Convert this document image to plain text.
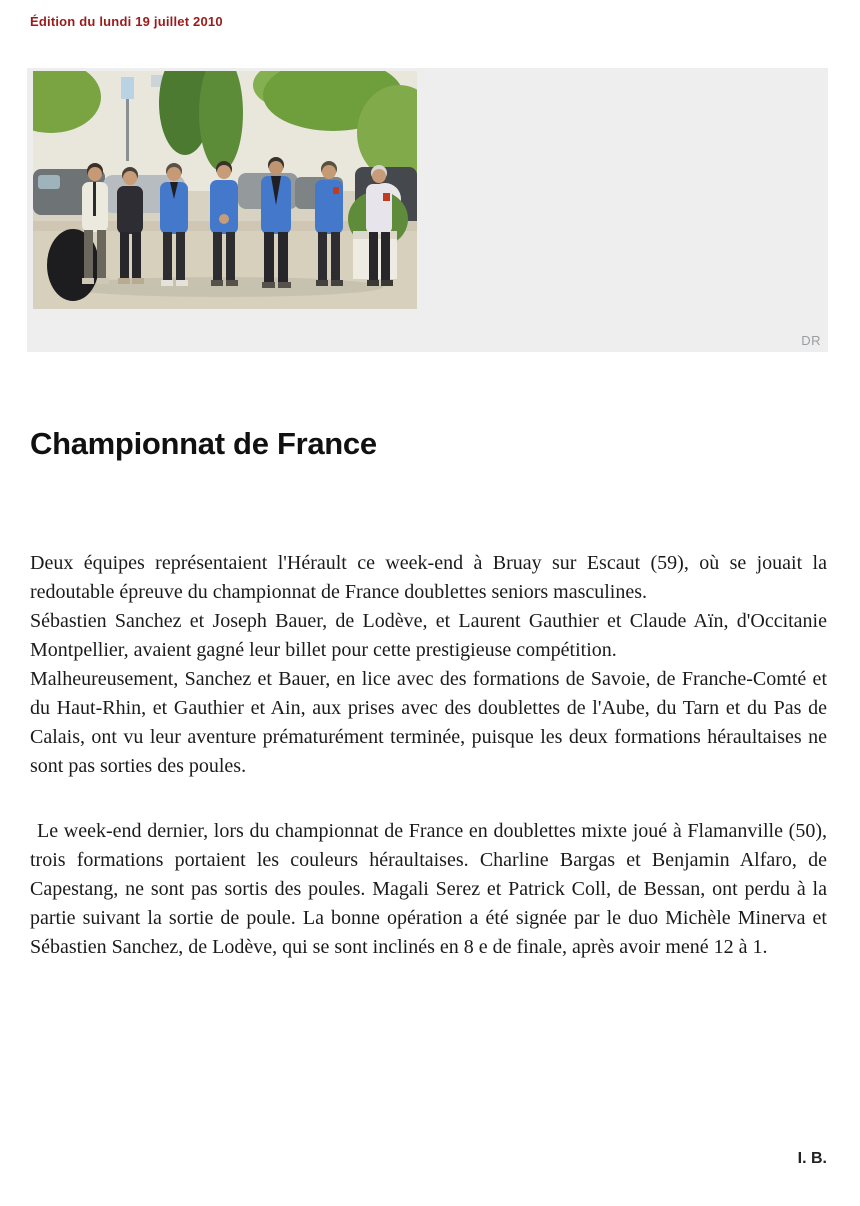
Édition du lundi 19 juillet 2010
DR
Championnat de France

Deux équipes représentaient l'Hérault ce week-end à Bruay sur Escaut (59), où se jouait la redoutable épreuve du championnat de France doublettes seniors masculines.

Sébastien Sanchez et Joseph Bauer, de Lodève, et Laurent Gauthier et Claude Aïn, d'Occitanie Montpellier, avaient gagné leur billet pour cette prestigieuse compétition.

Malheureusement, Sanchez et Bauer, en lice avec des formations de Savoie, de Franche-Comté et du Haut-Rhin, et Gauthier et Ain, aux prises avec des doublettes de l'Aube, du Tarn et du Pas de Calais, ont vu leur aventure prématurément terminée, puisque les deux formations héraultaises ne sont pas sorties des poules.

Le week-end dernier, lors du championnat de France en doublettes mixte joué à Flamanville (50), trois formations portaient les couleurs héraultaises. Charline Bargas et Benjamin Alfaro, de Capestang, ne sont pas sortis des poules. Magali Serez et Patrick Coll, de Bessan, ont perdu à la partie suivant la sortie de poule. La bonne opération a été signée par le duo Michèle Minerva et Sébastien Sanchez, de Lodève, qui se sont inclinés en 8 e de finale, après avoir mené 12 à 1.

I. B.
